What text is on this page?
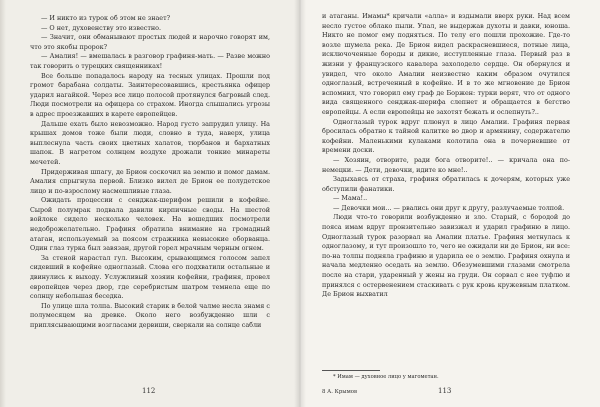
— И никто из турок об этом не знает?

— О нет, духовенству это известно.

— Значит, они обманывают простых людей и нарочно говорят им, что это якобы пророк?

— Амалия! — вмешалась в разговор графиня-мать. — Разве можно так говорить о турецких священниках!

Все больше попадалось народу на тесных улицах. Прошли под громот барабана солдаты. Заинтересовавшись, крестьянка офицер ударил нагайкой. Через все лицо полосой протянулся багровый след. Люди посмотрели на офицера со страхом. Иногда слышались угрозы в адрес проезжавших в карете европейцев.

Дальше ехать было невозможно. Народ густо запрудил улицу. На крышах домов тоже были люди, словно в туда, наверх, улица выплеснула часть своих цветных халатов, тюрбанов и бархатных шапок. В нагретом солнцем воздухе дрожали тонкие минареты мечетей.

Придерживая шпагу, де Брион соскочил на землю и помог дамам. Амалия спрыгнула первой. Близко вилел де Брион ее полудетское лицо и по-взрослому насмешливые глаза.

Ожидать процессии с сенджак-шерифом решили в кофейне. Сырой полумрак подвала давили кирпичные своды. На шестой войлоке сидело несколько человек. На вошедших посмотрели недоброжелательно. Графиня обратила внимание на громадный атаган, используемый за поясом стражника невысокие оборванца. Один глаз турка был завязан, другой горел мрачным черным огнем.

За стеной нарастал гул. Высоким, срывающимся голосом запел сидевший в кофейне одноглазый. Слова его подхватили остальные и двинулись к выходу. Услужливый хозяин кофейни, графиня, провел европейцев через двор, где серебристым шатром темнела еще по солнцу небольшая беседка.

По улице шла толпа. Высокий старик в белой чалме несла знамя с полумесяцем на древке. Около него возбужденно шли с приплясывающими возгласами дервиши, сверкали на солнце сабли

112

и атаганы. Имамы* кричали «алла» и вздымали вверх руки. Над всем несло густое облако пыли. Упал, не выдержав духоты и давки, юноша. Никто не помог ему подняться. По телу его пошли прохожие. Где-то возле шумела река. Де Брион видел раскрасневшиеся, потные лица, исключоченные бороды и дикие, исступленные глаза. Первый раз в жизни у французского кавалера захолодело сердце. Он обернулся и увидел, что около Амалии неизвестно каким образом очутился одноглазый, встреченный в кофейне. И в то же мгновение де Брион вспомнил, что говорил ему граф де Боржен: турки верят, что от одного вида священного сенджак-шерифа слепнет и обращается в бегство европейцы. А если европейцы не захотят бежать и ослепнуть?..

Одноглазый турок вдруг плюнул в лицо Амалии. Графиня первая бросилась обратно к тайной калитке во двор и армянину, содержателю кофейни. Маленькими кулаками колотила она в почерневшие от времени доски.

— Хозяин, отворите, ради бога отворите!.. — кричала она по-немецки. — Дети, девочки, идите ко мне!..

Задыхаясь от страха, графиня обратилась к дочерям, которых уже обступили фанатики.

— Мама!..

— Девочки мои... — рвались они друг к другу, разлучаемые толпой.

Люди что-то говорили возбужденно и зло. Старый, с бородой до пояса имам вдруг пронзительно завизжал и ударил графиню в лицо. Одноглазый турок разорвал на Амалии платье. Графиня метнулась к одноглазому, и тут произошло то, чего не ожидали ни де Брион, ни все: по-на толпы подняла графиню и ударила ее о землю. Графиня охнула и начала медленно оседать на землю. Обезумевшими глазами смотрела после на стари, ударенный у жены на груди. Он сорвал с нее туфлю и принялся с остервенением стаскивать с рук кровь кружевным платком. Де Брион выхватил

* Имам — духовное лицо у магометан.
8 А. Крымов	113
